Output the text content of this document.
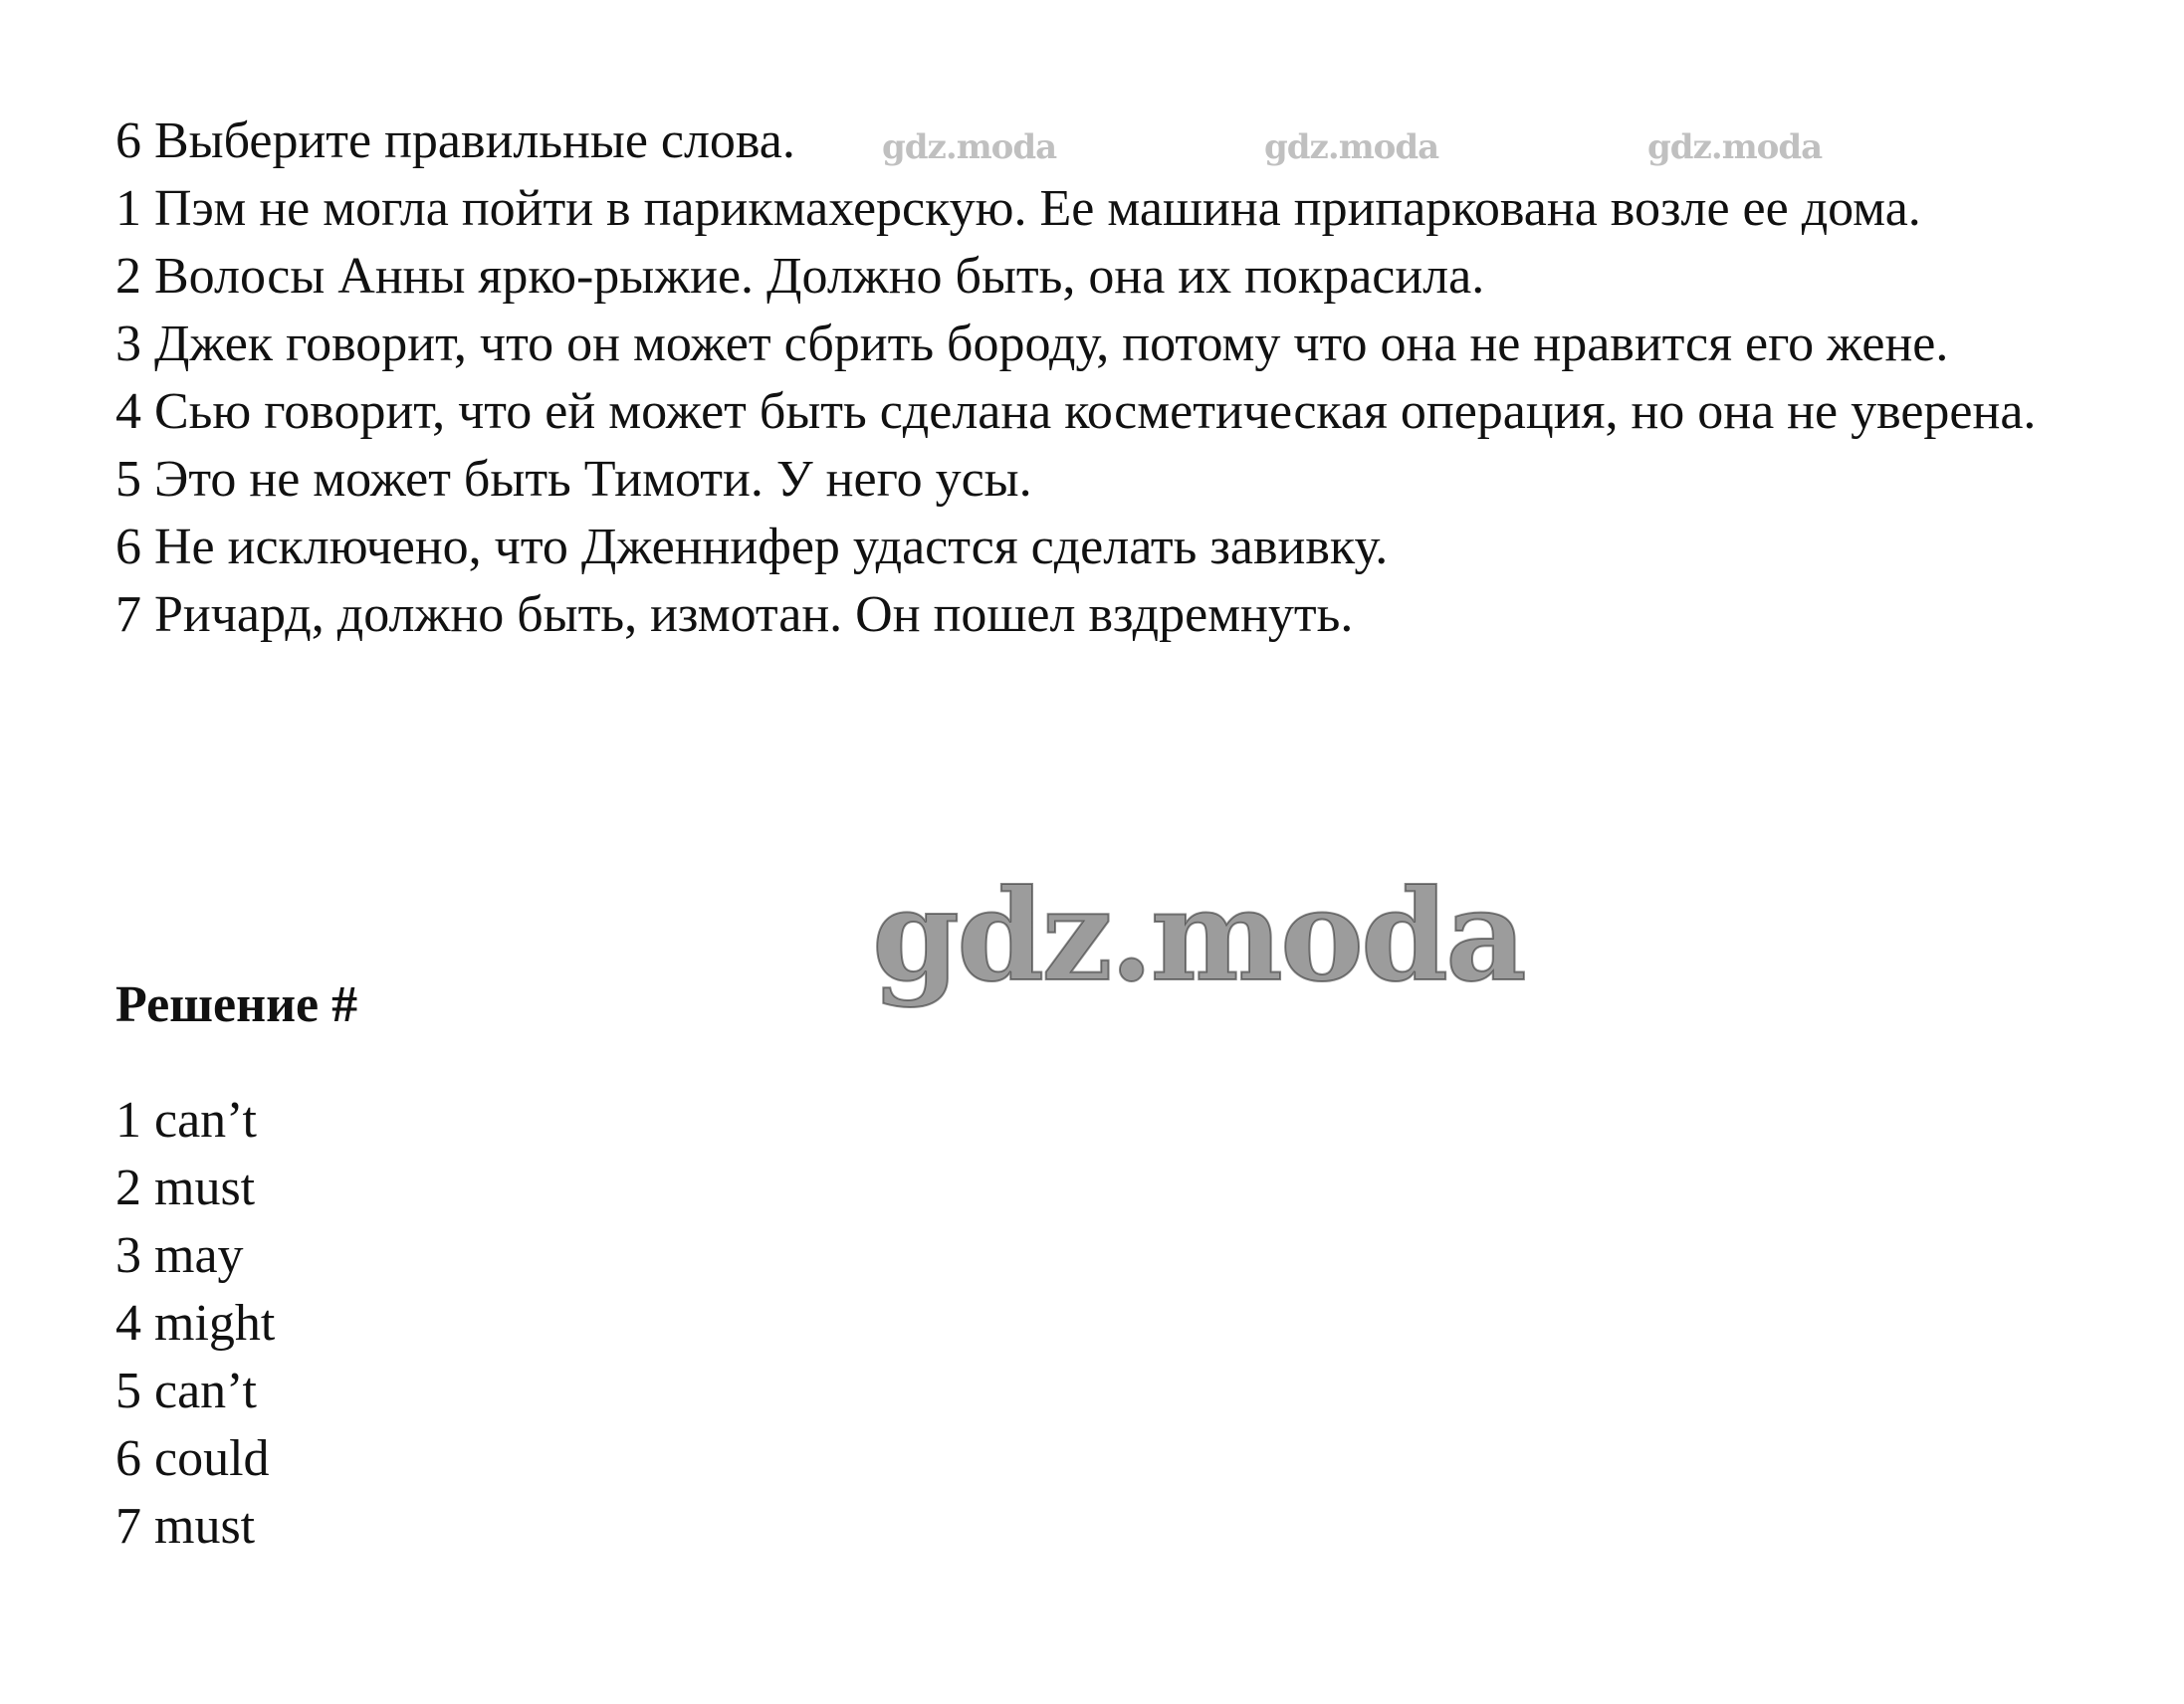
6 Выберите правильные слова.
1 Пэм не могла пойти в парикмахерскую. Ее машина припаркована возле ее дома.
2 Волосы Анны ярко-рыжие. Должно быть, она их покрасила.
3 Джек говорит, что он может сбрить бороду, потому что она не нравится его жене.
4 Сью говорит, что ей может быть сделана косметическая операция, но она не уверена.
5 Это не может быть Тимоти. У него усы.
6 Не исключено, что Дженнифер удастся сделать завивку.
7 Ричард, должно быть, измотан. Он пошел вздремнуть.
Решение #
1 can’t
2 must
3 may
4 might
5 can’t
6 could
7 must
gdz.moda	gdz.moda	gdz.moda
gdz.moda
